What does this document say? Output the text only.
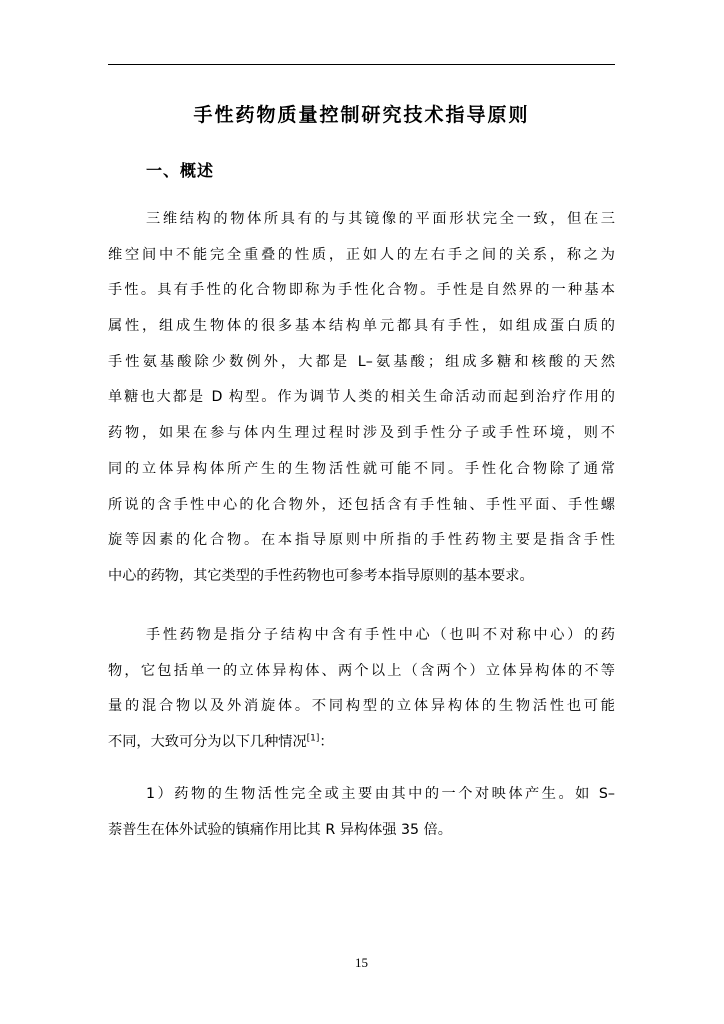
手性药物质量控制研究技术指导原则
一、概述
三维结构的物体所具有的与其镜像的平面形状完全一致，但在三
维空间中不能完全重叠的性质，正如人的左右手之间的关系，称之为
手性。具有手性的化合物即称为手性化合物。手性是自然界的一种基本
属性，组成生物体的很多基本结构单元都具有手性，如组成蛋白质的
手性氨基酸除少数例外，大都是 L–氨基酸；组成多糖和核酸的天然
单糖也大都是 D 构型。作为调节人类的相关生命活动而起到治疗作用的
药物，如果在参与体内生理过程时涉及到手性分子或手性环境，则不
同的立体异构体所产生的生物活性就可能不同。手性化合物除了通常
所说的含手性中心的化合物外，还包括含有手性轴、手性平面、手性螺
旋等因素的化合物。在本指导原则中所指的手性药物主要是指含手性
中心的药物，其它类型的手性药物也可参考本指导原则的基本要求。
手性药物是指分子结构中含有手性中心（也叫不对称中心）的药
物，它包括单一的立体异构体、两个以上（含两个）立体异构体的不等
量的混合物以及外消旋体。不同构型的立体异构体的生物活性也可能
不同，大致可分为以下几种情况[1]：
1）药物的生物活性完全或主要由其中的一个对映体产生。如 S–
萘普生在体外试验的镇痛作用比其 R 异构体强 35 倍。
15
